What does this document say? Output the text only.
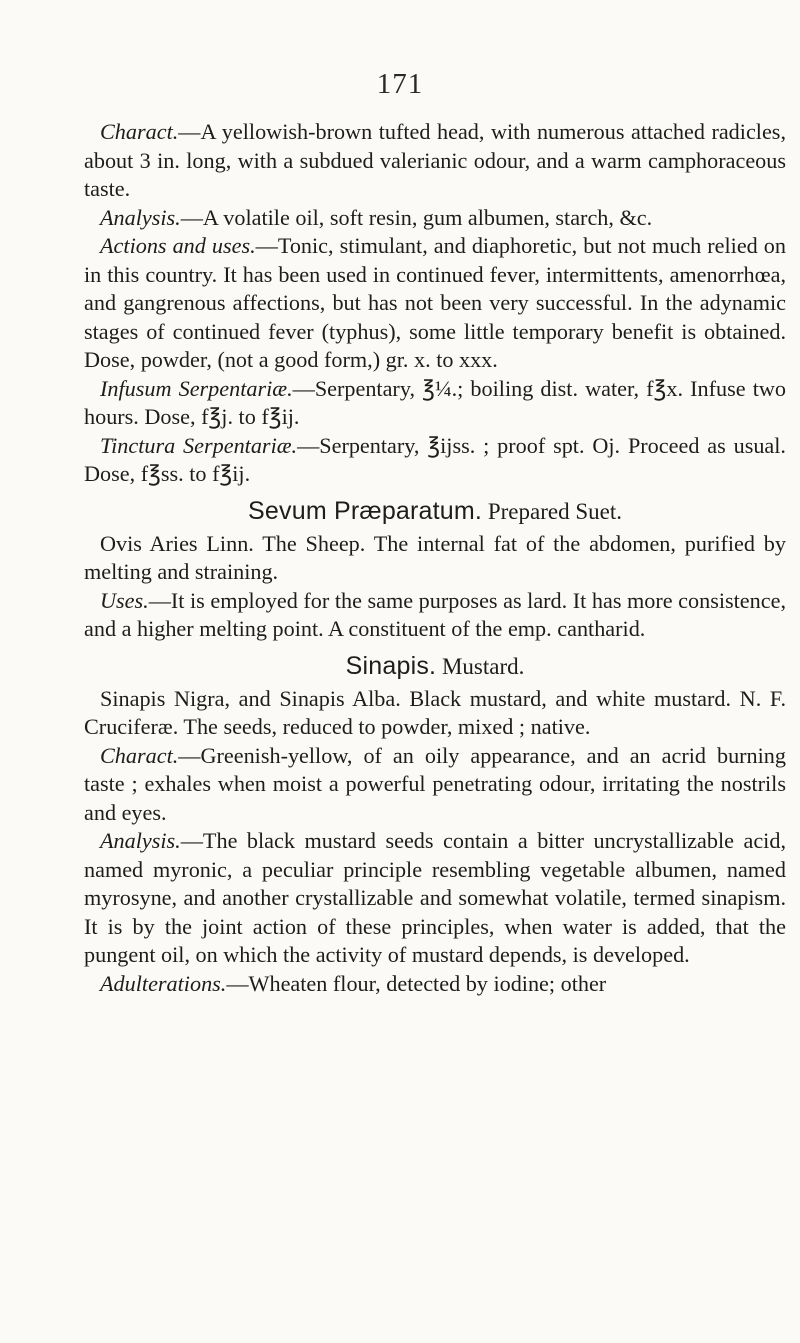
171

Charact.—A yellowish-brown tufted head, with numerous attached radicles, about 3 in. long, with a subdued valerianic odour, and a warm camphoraceous taste.

Analysis.—A volatile oil, soft resin, gum albumen, starch, &c.

Actions and uses.—Tonic, stimulant, and diaphoretic, but not much relied on in this country. It has been used in continued fever, intermittents, amenorrhœa, and gangrenous affections, but has not been very successful. In the adynamic stages of continued fever (typhus), some little temporary benefit is obtained. Dose, powder, (not a good form,) gr. x. to xxx.

Infusum Serpentariæ.—Serpentary, ℥¼.; boiling dist. water, f℥x. Infuse two hours. Dose, f℥j. to f℥ij.

Tinctura Serpentariæ.—Serpentary, ℥ijss. ; proof spt. Oj. Proceed as usual. Dose, f℥ss. to f℥ij.

Sevum Præparatum. Prepared Suet.

Ovis Aries Linn. The Sheep. The internal fat of the abdomen, purified by melting and straining.

Uses.—It is employed for the same purposes as lard. It has more consistence, and a higher melting point. A constituent of the emp. cantharid.

Sinapis. Mustard.

Sinapis Nigra, and Sinapis Alba. Black mustard, and white mustard. N. F. Cruciferæ. The seeds, reduced to powder, mixed ; native.

Charact.—Greenish-yellow, of an oily appearance, and an acrid burning taste ; exhales when moist a powerful penetrating odour, irritating the nostrils and eyes.

Analysis.—The black mustard seeds contain a bitter uncrystallizable acid, named myronic, a peculiar principle resembling vegetable albumen, named myrosyne, and another crystallizable and somewhat volatile, termed sinapism. It is by the joint action of these principles, when water is added, that the pungent oil, on which the activity of mustard depends, is developed.

Adulterations.—Wheaten flour, detected by iodine; other
